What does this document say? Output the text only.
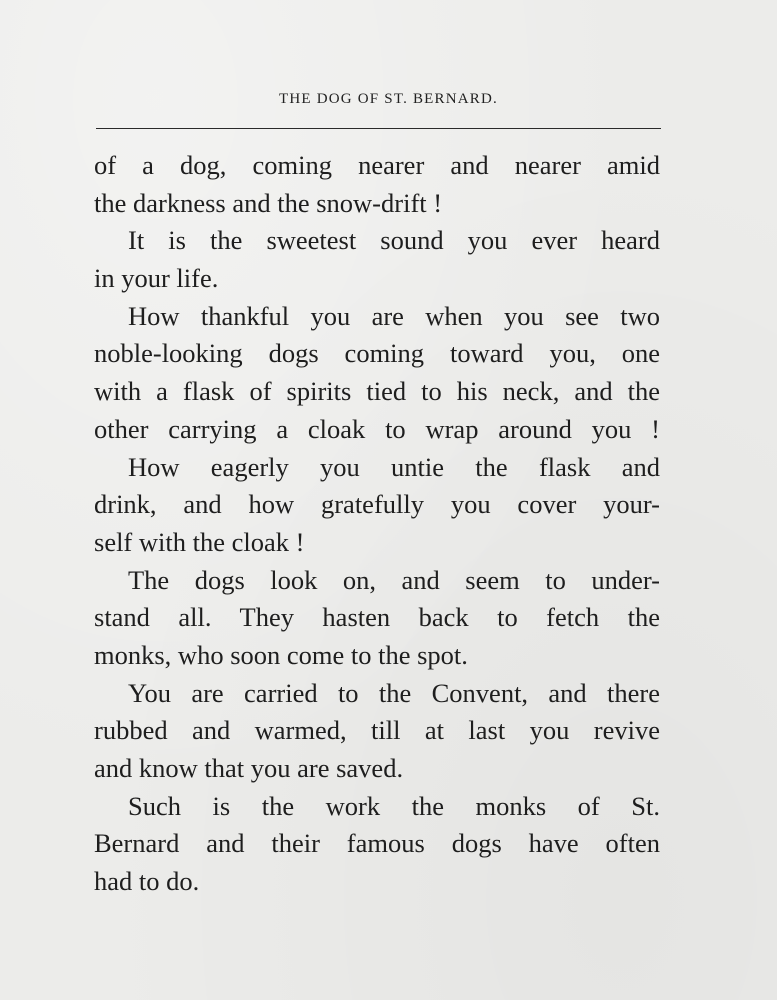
THE DOG OF ST. BERNARD.
of a dog, coming nearer and nearer amid
the darkness and the snow-drift !
It is the sweetest sound you ever heard
in your life.
How thankful you are when you see two
noble-looking dogs coming toward you, one
with a flask of spirits tied to his neck, and the
other carrying a cloak to wrap around you !
How eagerly you untie the flask and
drink, and how gratefully you cover your-
self with the cloak !
The dogs look on, and seem to under-
stand all. They hasten back to fetch the
monks, who soon come to the spot.
You are carried to the Convent, and there
rubbed and warmed, till at last you revive
and know that you are saved.
Such is the work the monks of St.
Bernard and their famous dogs have often
had to do.
